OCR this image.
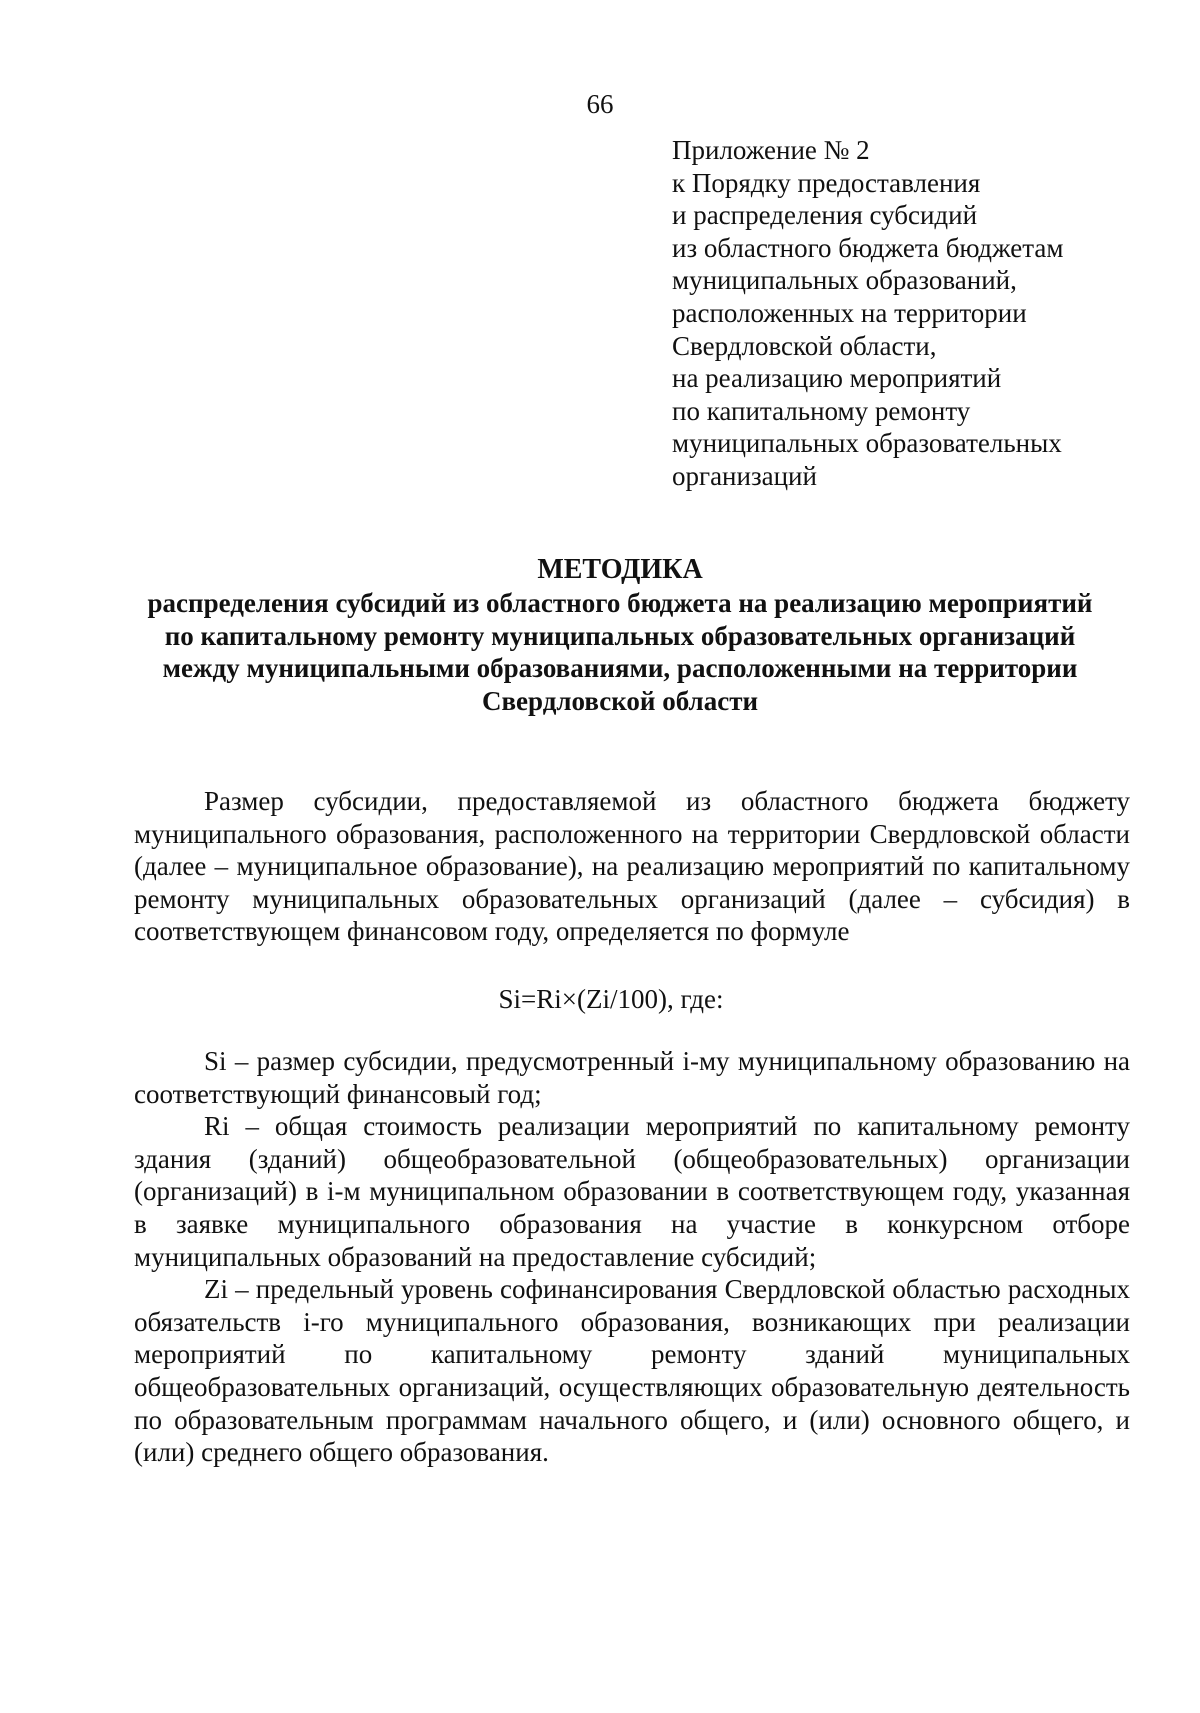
66
Приложение № 2
к Порядку предоставления
и распределения субсидий
из областного бюджета бюджетам
муниципальных образований,
расположенных на территории
Свердловской области,
на реализацию мероприятий
по капитальному ремонту
муниципальных образовательных
организаций
МЕТОДИКА
распределения субсидий из областного бюджета на реализацию мероприятий
по капитальному ремонту муниципальных образовательных организаций
между муниципальными образованиями, расположенными на территории
Свердловской области

Размер субсидии, предоставляемой из областного бюджета бюджету муниципального образования, расположенного на территории Свердловской области (далее – муниципальное образование), на реализацию мероприятий по капитальному ремонту муниципальных образовательных организаций (далее – субсидия) в соответствующем финансовом году, определяется по формуле

Si=Ri×(Zi/100), где:

Si – размер субсидии, предусмотренный i-му муниципальному образованию на соответствующий финансовый год;

Ri – общая стоимость реализации мероприятий по капитальному ремонту здания (зданий) общеобразовательной (общеобразовательных) организации (организаций) в i-м муниципальном образовании в соответствующем году, указанная в заявке муниципального образования на участие в конкурсном отборе муниципальных образований на предоставление субсидий;

Zi – предельный уровень софинансирования Свердловской областью расходных обязательств i-го муниципального образования, возникающих при реализации мероприятий по капитальному ремонту зданий муниципальных общеобразовательных организаций, осуществляющих образовательную деятельность по образовательным программам начального общего, и (или) основного общего, и (или) среднего общего образования.
